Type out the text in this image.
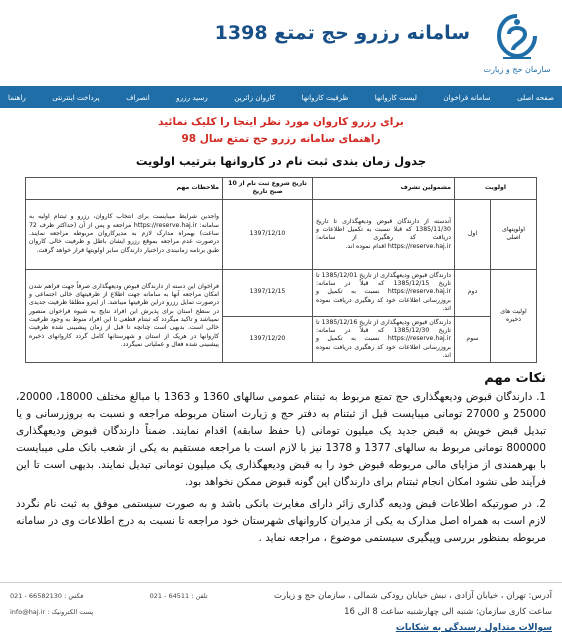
سازمان حج و زیارت
سامانه رزرو حج تمتع 1398
صفحه اصلی
سامانه فراخوان
لیست کاروانها
ظرفیت کاروانها
کاروان زائرین
رسید رزرو
انصراف
پرداخت اینترنتی
راهنما
برای رزرو کاروان مورد نظر اینجا را کلیک نمائید
راهنمای سامانه رزرو حج تمتع سال 98
جدول زمان بندی ثبت نام در کاروانها بترتیب اولویت
اولویت		مشمولین تشرف	تاریخ شروع ثبت نام از 10 صبح تاریخ	ملاحظات مهم
اولویتهای اصلی	اول	آندسته از دارندگان قبوض ودیعهگذاری تا تاریخ 1385/11/30 که قبلا نسبت به تکمیل اطلاعات و دریافت کد رهگیری از سامانه: https://reserve.haj.ir اقدام نموده اند.	1397/12/10	واجدین شرایط میبایست برای انتخاب کاروان، رزرو و ثبتنام اولیه به سامانه: https://reserve.haj.ir مراجعه و پس از آن (حداکثر ظرف 72 ساعت) بهمراه مدارک لازم به مدیرکاروان مربوطه مراجعه نمایند. درصورت عدم مراجعه بموقع رزرو ایشان باطل و ظرفیت خالی کاروان طبق برنامه زمانبندی دراختیار دارندگان سایر اولویتها قرار خواهد گرفت.
اولیت های ذخیره	دوم	دارندگان قبوض ودیعهگذاری از تاریخ 1385/12/01 تا تاریخ 1385/12/15 که قبلاً در سامانه: https://reserve.haj.ir نسبت به تکمیل و بروزرسانی اطلاعات خود کد رهگیری دریافت نموده اند.	1397/12/15	فراخوان این دسته از دارندگان قبوض ودیعهگذاری صرفاً جهت فراهم شدن امکان مراجعه آنها به سامانه جهت اطلاع از ظرفیتهای خالی اجتماعی و درصورت تمایل رزرو دراین ظرفیتها میباشد. از اینرو مطلقا ظرفیت جدیدی در سطح استان برای پذیرش این افراد نتایج به شیوه فراخوان منصور نمیباشد و تاکید میگردد که ثبتنام قطعی تا این افراد منوط به وجود ظرفیت خالی است. بدیهی است چنانچه تا قبل از زمان پیشبینی شده ظرفیت کاروانها در هریک از استان و شهرستانها کامل گردد کاروانهای ذخیره پیشبینی شده فعال و عملیاتی نمیگردد.
	سوم	دارندگان قبوض ودیعهگذاری از تاریخ 1385/12/16 تا تاریخ 1385/12/30 که قبلاً در سامانه: https://reserve.haj.ir نسبت به تکمیل و بروزرسانی اطلاعات خود کد رهگیری دریافت نموده اند.	1397/12/20	
نکات مهم
1. دارندگان قبوض ودیعهگذاری حج تمتع مربوط به ثبتنام عمومی سالهای 1360 و 1363 با مبالغ مختلف 18000، 20000، 25000 و 27000 تومانی میبایست قبل از ثبتنام به دفتر حج و زیارت استان مربوطه مراجعه و نسبت به بروزرسانی و یا تبدیل قبض خویش به قبض جدید یک میلیون تومانی (با حفظ سابقه) اقدام نمایند. ضمناً دارندگان قبوض ودیعهگذاری 800000 تومانی مربوط به سالهای 1377 و 1378 نیز با لازم است با مراجعه مستقیم به یکی از شعب بانک ملی میبایست با بهرهمندی از مزایای مالی مربوطه قبوض خود را به قبض ودیعهگذاری یک میلیون تومانی تبدیل نمایند. بدیهی است تا این فرآیند طی نشود امکان انجام ثبتنام برای دارندگان این گونه قبوض ممکن نخواهد بود.
2. در صورتیکه اطلاعات قبض ودیعه گذاری زائر دارای مغایرت بانکی باشد و به صورت سیستمی موفق به ثبت نام نگردد لازم است به همراه اصل مدارک به یکی از مدیران کاروانهای شهرستان خود مراجعه تا نسبت به درج اطلاعات وی در سامانه مربوطه بمنظور بررسی وپیگیری سیستمی موضوع ، مراجعه نماید .
آدرس: تهران ، خیابان آزادی ، نبش خیابان رودکی شمالی ، سازمان حج و زیارت
تلفن : 64511 - 021
فکس : 66582130 - 021
ساعت کاری سازمان: شنبه الی چهارشنبه ساعت 8 الی 16
پست الکترونیک : info@haj.ir
سوالات متداول رسیدگی به شکایات
